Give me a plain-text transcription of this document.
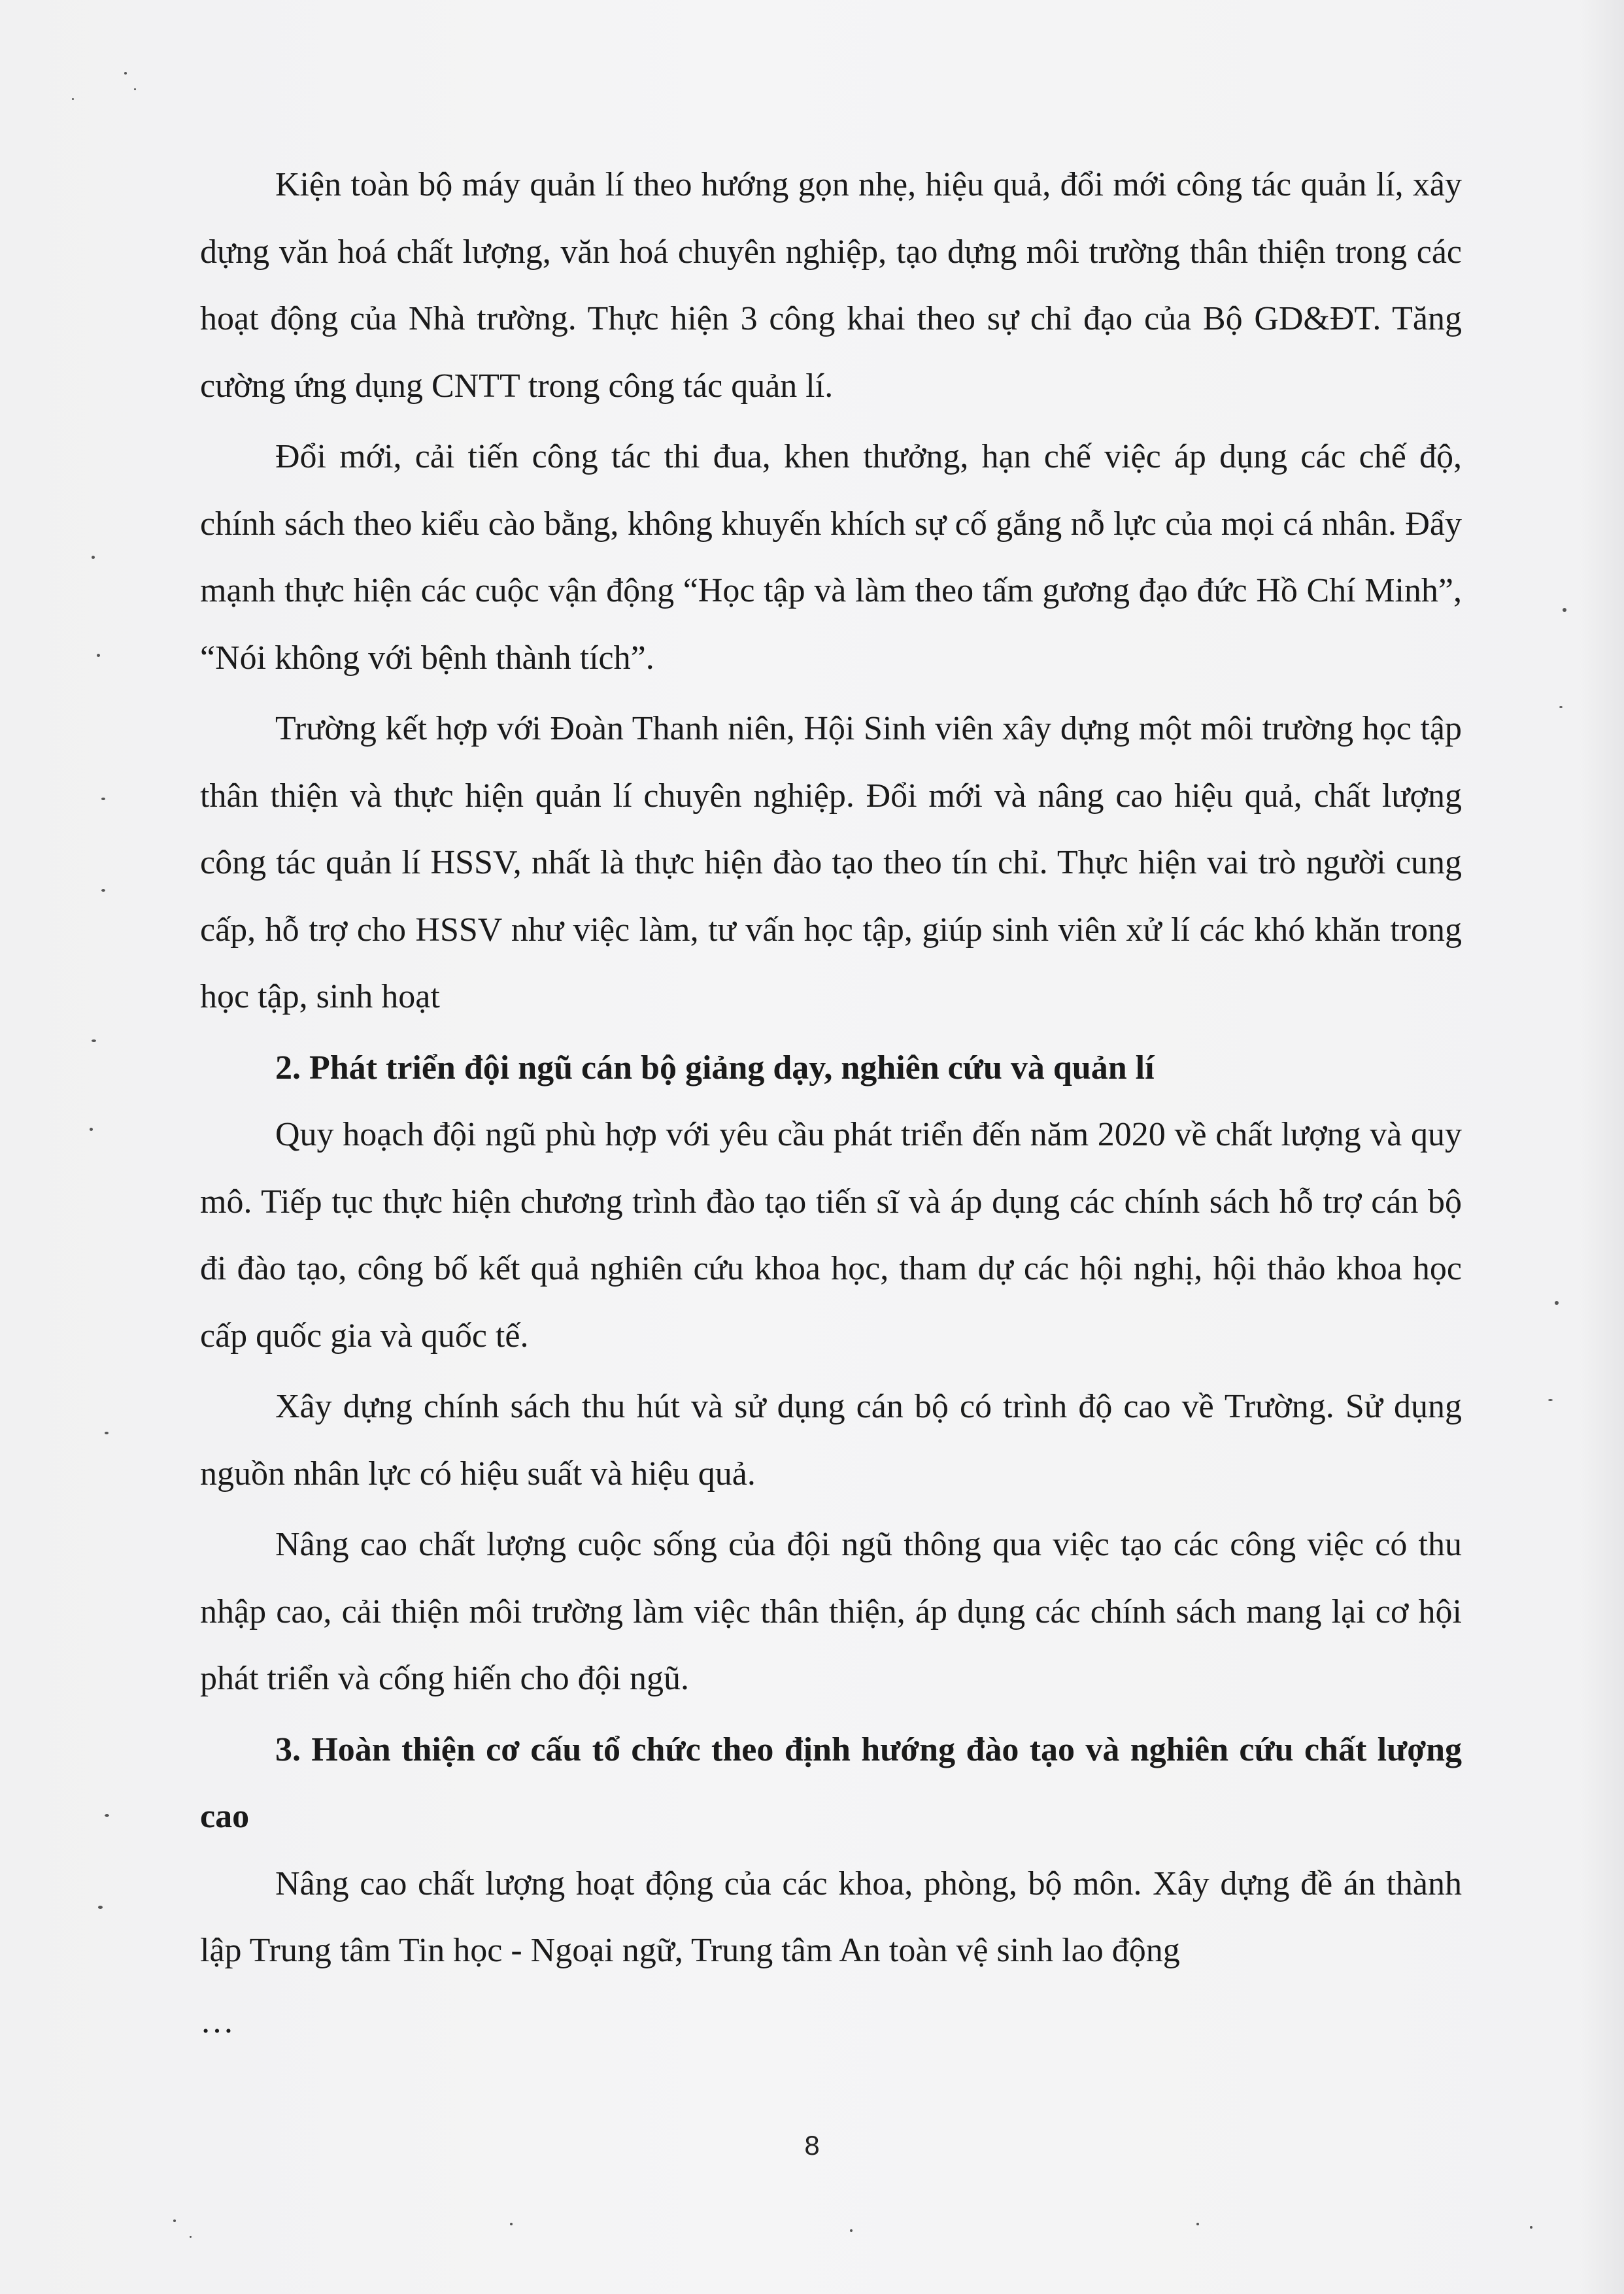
Kiện toàn bộ máy quản lí theo hướng gọn nhẹ, hiệu quả, đổi mới công tác quản lí, xây dựng văn hoá chất lượng, văn hoá chuyên nghiệp, tạo dựng môi trường thân thiện trong các hoạt động của Nhà trường. Thực hiện 3 công khai theo sự chỉ đạo của Bộ GD&ĐT. Tăng cường ứng dụng CNTT trong công tác quản lí.

Đổi mới, cải tiến công tác thi đua, khen thưởng, hạn chế việc áp dụng các chế độ, chính sách theo kiểu cào bằng, không khuyến khích sự cố gắng nỗ lực của mọi cá nhân. Đẩy mạnh thực hiện các cuộc vận động “Học tập và làm theo tấm gương đạo đức Hồ Chí Minh”, “Nói không với bệnh thành tích”.

Trường kết hợp với Đoàn Thanh niên, Hội Sinh viên xây dựng một môi trường học tập thân thiện và thực hiện quản lí chuyên nghiệp. Đổi mới và nâng cao hiệu quả, chất lượng công tác quản lí HSSV, nhất là thực hiện đào tạo theo tín chỉ. Thực hiện vai trò người cung cấp, hỗ trợ cho HSSV như việc làm, tư vấn học tập, giúp sinh viên xử lí các khó khăn trong học tập, sinh hoạt

2. Phát triển đội ngũ cán bộ giảng dạy, nghiên cứu và quản lí

Quy hoạch đội ngũ phù hợp với yêu cầu phát triển đến năm 2020 về chất lượng và quy mô. Tiếp tục thực hiện chương trình đào tạo tiến sĩ và áp dụng các chính sách hỗ trợ cán bộ đi đào tạo, công bố kết quả nghiên cứu khoa học, tham dự các hội nghị, hội thảo khoa học cấp quốc gia và quốc tế.

Xây dựng chính sách thu hút và sử dụng cán bộ có trình độ cao về Trường. Sử dụng nguồn nhân lực có hiệu suất và hiệu quả.

Nâng cao chất lượng cuộc sống của đội ngũ thông qua việc tạo các công việc có thu nhập cao, cải thiện môi trường làm việc thân thiện, áp dụng các chính sách mang lại cơ hội phát triển và cống hiến cho đội ngũ.

3. Hoàn thiện cơ cấu tổ chức theo định hướng đào tạo và nghiên cứu chất lượng cao

Nâng cao chất lượng hoạt động của các khoa, phòng, bộ môn. Xây dựng đề án thành lập Trung tâm Tin học - Ngoại ngữ, Trung tâm An toàn vệ sinh lao động

…

8
